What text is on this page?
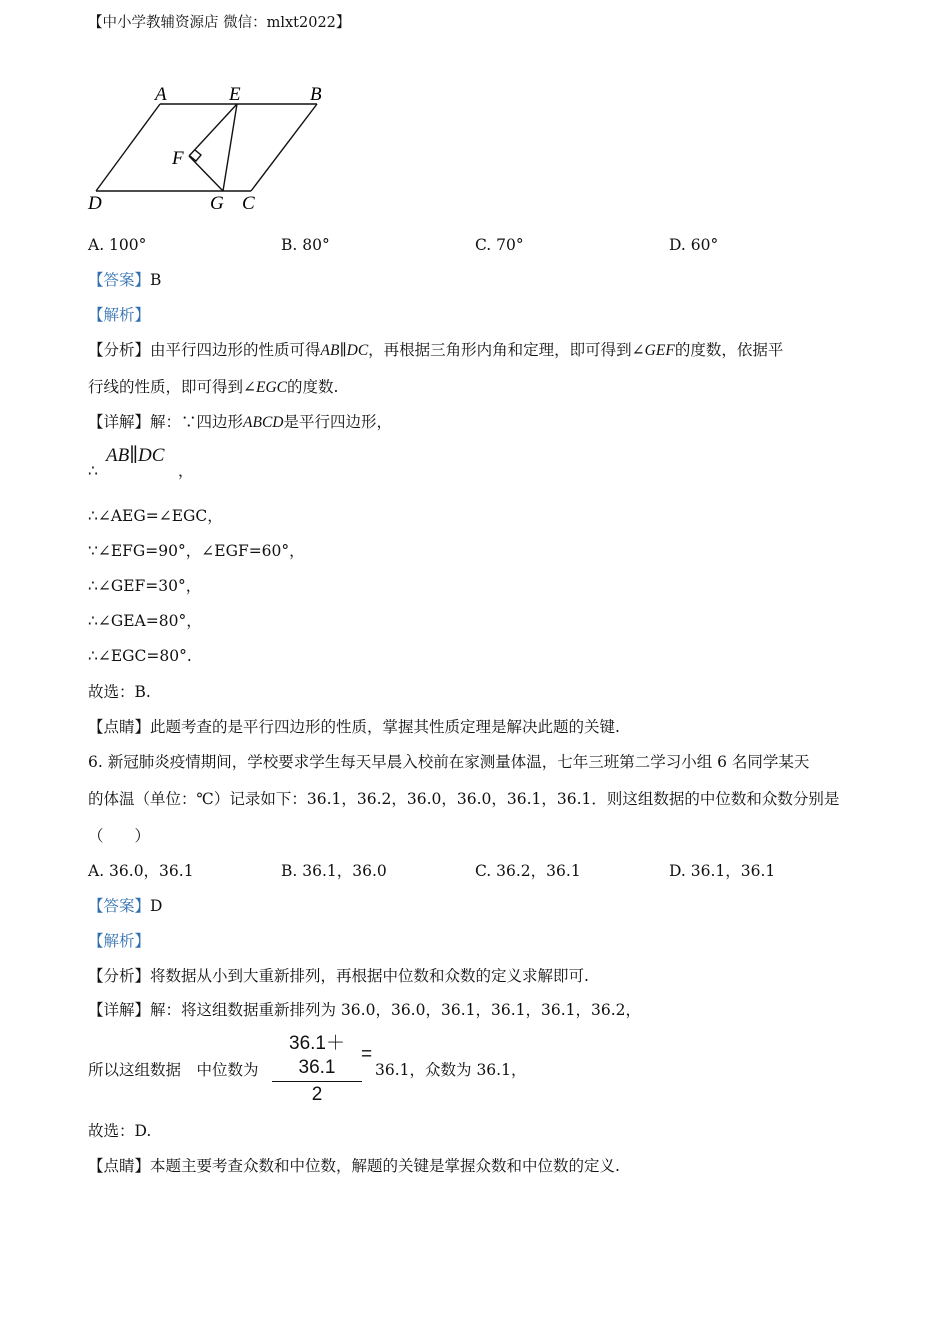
【中小学教辅资源店 微信：mlxt2022】
A	E	B
F
D	G C
A. 100°	B. 80°	C. 70°	D. 60°
【答案】B
【解析】
【分析】由平行四边形的性质可得AB∥DC，再根据三角形内角和定理，即可得到∠GEF的度数，依据平
行线的性质，即可得到∠EGC的度数.
【详解】解：∵四边形ABCD是平行四边形，
∴
AB∥DC
，
∴∠AEG=∠EGC，
∵∠EFG=90°，∠EGF=60°，
∴∠GEF=30°，
∴∠GEA=80°，
∴∠EGC=80°.
故选：B.
【点睛】此题考查的是平行四边形的性质，掌握其性质定理是解决此题的关键.
6. 新冠肺炎疫情期间，学校要求学生每天早晨入校前在家测量体温，七年三班第二学习小组 6 名同学某天
的体温（单位：℃）记录如下：36.1，36.2，36.0，36.0，36.1，36.1．则这组数据的中位数和众数分别是
（　　）
A. 36.0，36.1	B. 36.1，36.0	C. 36.2，36.1	D. 36.1，36.1
【答案】D
【解析】
【分析】将数据从小到大重新排列，再根据中位数和众数的定义求解即可.
【详解】解：将这组数据重新排列为 36.0，36.0，36.1，36.1，36.1，36.2，
所以这组数据　中位数为
36.1＋36.1
2
=
36.1，众数为 36.1，
故选：D.
【点睛】本题主要考查众数和中位数，解题的关键是掌握众数和中位数的定义.
